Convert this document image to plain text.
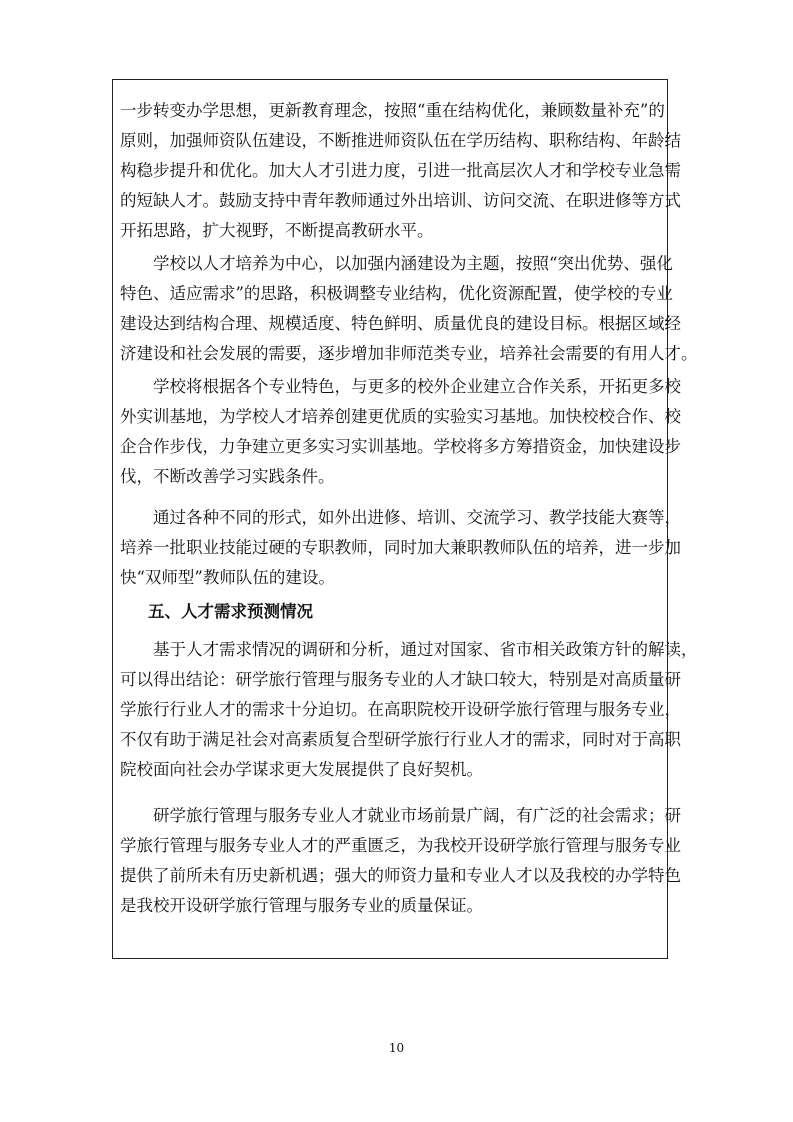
一步转变办学思想，更新教育理念，按照“重在结构优化，兼顾数量补充”的
原则，加强师资队伍建设，不断推进师资队伍在学历结构、职称结构、年龄结
构稳步提升和优化。加大人才引进力度，引进一批高层次人才和学校专业急需
的短缺人才。鼓励支持中青年教师通过外出培训、访问交流、在职进修等方式
开拓思路，扩大视野，不断提高教研水平。
　　学校以人才培养为中心，以加强内涵建设为主题，按照“突出优势、强化
特色、适应需求”的思路，积极调整专业结构，优化资源配置，使学校的专业
建设达到结构合理、规模适度、特色鲜明、质量优良的建设目标。根据区域经
济建设和社会发展的需要，逐步增加非师范类专业，培养社会需要的有用人才。
　　学校将根据各个专业特色，与更多的校外企业建立合作关系，开拓更多校
外实训基地，为学校人才培养创建更优质的实验实习基地。加快校校合作、校
企合作步伐，力争建立更多实习实训基地。学校将多方筹措资金，加快建设步
伐，不断改善学习实践条件。
　　通过各种不同的形式，如外出进修、培训、交流学习、教学技能大赛等，
培养一批职业技能过硬的专职教师，同时加大兼职教师队伍的培养，进一步加
快“双师型”教师队伍的建设。
五、人才需求预测情况
　　基于人才需求情况的调研和分析，通过对国家、省市相关政策方针的解读，
可以得出结论：研学旅行管理与服务专业的人才缺口较大，特别是对高质量研
学旅行行业人才的需求十分迫切。在高职院校开设研学旅行管理与服务专业，
不仅有助于满足社会对高素质复合型研学旅行行业人才的需求，同时对于高职
院校面向社会办学谋求更大发展提供了良好契机。
　　研学旅行管理与服务专业人才就业市场前景广阔，有广泛的社会需求；研
学旅行管理与服务专业人才的严重匮乏，为我校开设研学旅行管理与服务专业
提供了前所未有历史新机遇；强大的师资力量和专业人才以及我校的办学特色
是我校开设研学旅行管理与服务专业的质量保证。
10
